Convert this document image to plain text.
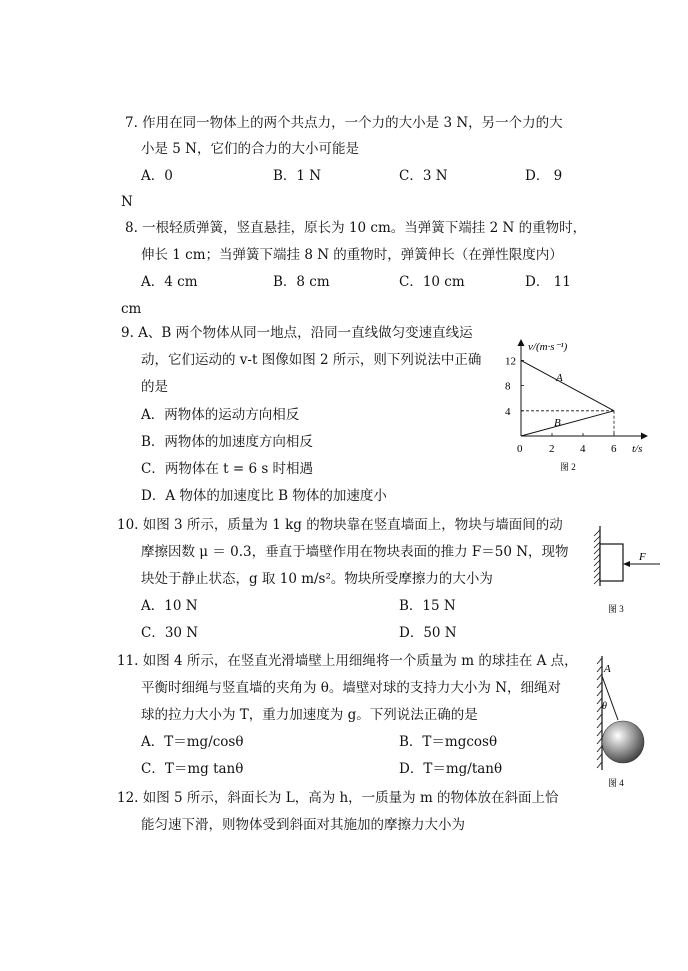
7. 作用在同一物体上的两个共点力，一个力的大小是 3 N，另一个力的大
小是 5 N，它们的合力的大小可能是
A．0	B．1 N	C．3 N	D． 9
N
8. 一根轻质弹簧，竖直悬挂，原长为 10 cm。当弹簧下端挂 2 N 的重物时，
伸长 1 cm；当弹簧下端挂 8 N 的重物时，弹簧伸长（在弹性限度内）
A．4 cm	B．8 cm	C．10 cm	D． 11
cm
9. A、B 两个物体从同一地点，沿同一直线做匀变速直线运
动，它们运动的 v-t 图像如图 2 所示，则下列说法中正确
的是
A．两物体的运动方向相反
B．两物体的加速度方向相反
C．两物体在 t = 6 s 时相遇
D．A 物体的加速度比 B 物体的加速度小
v/(m·s⁻¹)
t/s
图 2
12
8
4
0 2 4 6
A
B
10. 如图 3 所示，质量为 1 kg 的物块靠在竖直墙面上，物块与墙面间的动
摩擦因数 μ ＝ 0.3，垂直于墙壁作用在物块表面的推力 F＝50 N，现物
块处于静止状态，g 取 10 m/s²。物块所受摩擦力的大小为
A．10 N	B．15 N
C．30 N	D．50 N
F
图 3
11. 如图 4 所示，在竖直光滑墙壁上用细绳将一个质量为 m 的球挂在 A 点，
平衡时细绳与竖直墙的夹角为 θ。墙壁对球的支持力大小为 N，细绳对
球的拉力大小为 T，重力加速度为 g。下列说法正确的是
A．T＝mg/cosθ	B．T＝mgcosθ
C．T＝mg tanθ	D．T＝mg/tanθ
A
θ
图 4
12. 如图 5 所示，斜面长为 L，高为 h，一质量为 m 的物体放在斜面上恰
能匀速下滑，则物体受到斜面对其施加的摩擦力大小为
